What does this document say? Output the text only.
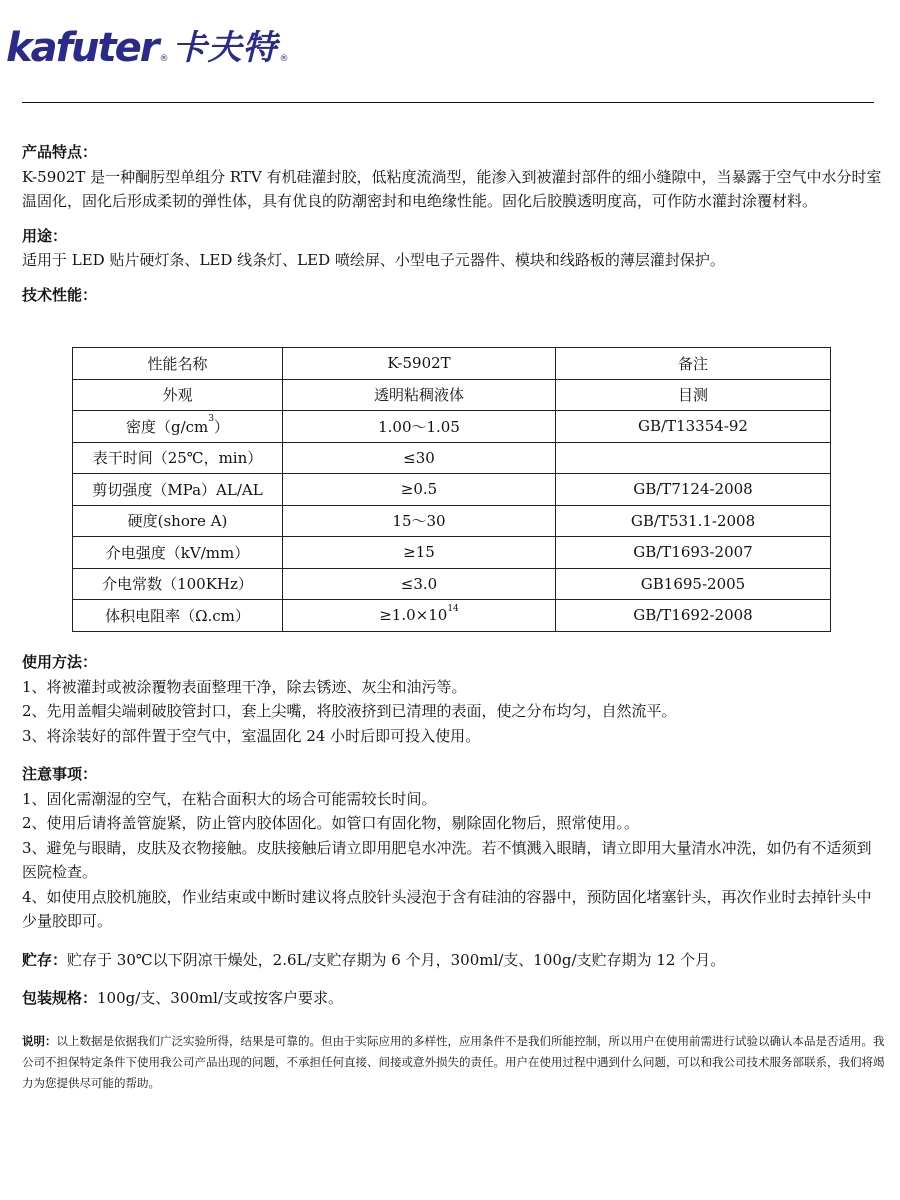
kafuter ® 卡夫特 ®

产品特点：

K-5902T 是一种酮肟型单组分 RTV 有机硅灌封胶，低粘度流淌型，能渗入到被灌封部件的细小缝隙中，当暴露于空气中水分时室温固化，固化后形成柔韧的弹性体，具有优良的防潮密封和电绝缘性能。固化后胶膜透明度高，可作防水灌封涂覆材料。

用途：

适用于 LED 贴片硬灯条、LED 线条灯、LED 喷绘屏、小型电子元器件、模块和线路板的薄层灌封保护。

技术性能：

性能名称	K-5902T	备注
外观	透明粘稠液体	目测
密度$(g/cm^3)$	1.00～1.05	GB/T13354-92
表干时间（25℃，min）	≤30	
剪切强度（MPa）AL/AL	≥0.5	GB/T7124-2008
硬度(shore A)	15～30	GB/T531.1-2008
介电强度（kV/mm）	≥15	GB/T1693-2007
介电常数（100KHz）	≤3.0	GB1695-2005
体积电阻率（Ω.cm）	$\ge 1.0\times 10^{14}$	GB/T1692-2008

使用方法：

1、将被灌封或被涂覆物表面整理干净，除去锈迹、灰尘和油污等。

2、先用盖帽尖端刺破胶管封口，套上尖嘴，将胶液挤到已清理的表面，使之分布均匀，自然流平。

3、将涂装好的部件置于空气中，室温固化 24 小时后即可投入使用。

注意事项：

1、固化需潮湿的空气，在粘合面积大的场合可能需较长时间。

2、使用后请将盖管旋紧，防止管内胶体固化。如管口有固化物，剔除固化物后，照常使用。。

3、避免与眼睛，皮肤及衣物接触。皮肤接触后请立即用肥皂水冲洗。若不慎溅入眼睛，请立即用大量清水冲洗，如仍有不适须到医院检查。

4、如使用点胶机施胶，作业结束或中断时建议将点胶针头浸泡于含有硅油的容器中，预防固化堵塞针头，再次作业时去掉针头中少量胶即可。

贮存：贮存于 30℃以下阴凉干燥处，2.6L/支贮存期为 6 个月，300ml/支、100g/支贮存期为 12 个月。

包装规格：100g/支、300ml/支或按客户要求。

说明：以上数据是依据我们广泛实验所得，结果是可靠的。但由于实际应用的多样性，应用条件不是我们所能控制，所以用户在使用前需进行试验以确认本品是否适用。我公司不担保特定条件下使用我公司产品出现的问题，不承担任何直接、间接或意外损失的责任。用户在使用过程中遇到什么问题，可以和我公司技术服务部联系，我们将竭力为您提供尽可能的帮助。
